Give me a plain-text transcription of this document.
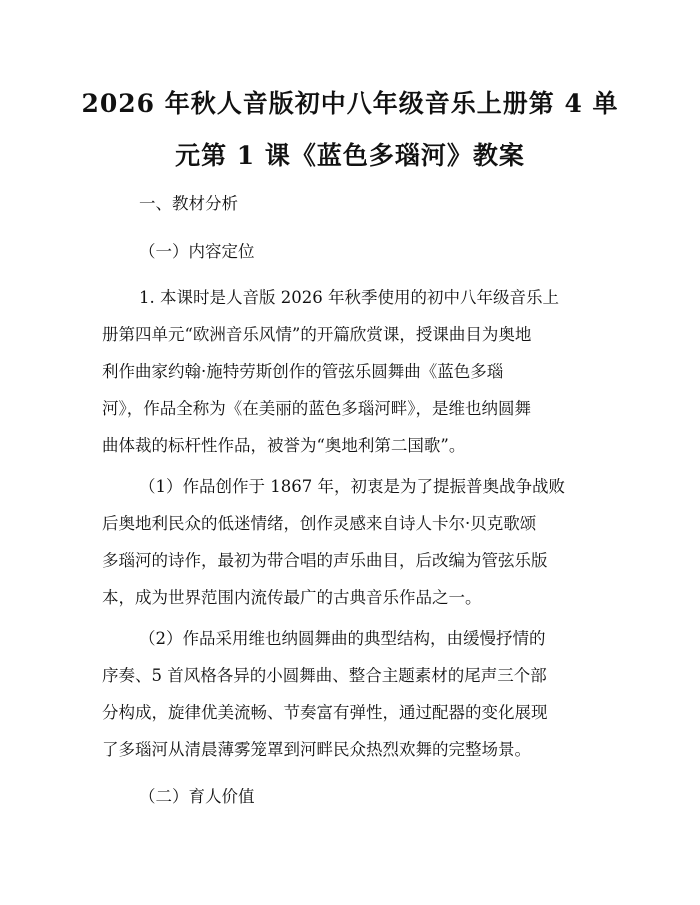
2026 年秋人音版初中八年级音乐上册第 4 单
元第 1 课《蓝色多瑙河》教案
一、教材分析
（一）内容定位
1. 本课时是人音版 2026 年秋季使用的初中八年级音乐上
册第四单元“欧洲音乐风情”的开篇欣赏课，授课曲目为奥地
利作曲家约翰·施特劳斯创作的管弦乐圆舞曲《蓝色多瑙
河》，作品全称为《在美丽的蓝色多瑙河畔》，是维也纳圆舞
曲体裁的标杆性作品，被誉为“奥地利第二国歌”。
（1）作品创作于 1867 年，初衷是为了提振普奥战争战败
后奥地利民众的低迷情绪，创作灵感来自诗人卡尔·贝克歌颂
多瑙河的诗作，最初为带合唱的声乐曲目，后改编为管弦乐版
本，成为世界范围内流传最广的古典音乐作品之一。
（2）作品采用维也纳圆舞曲的典型结构，由缓慢抒情的
序奏、5 首风格各异的小圆舞曲、整合主题素材的尾声三个部
分构成，旋律优美流畅、节奏富有弹性，通过配器的变化展现
了多瑙河从清晨薄雾笼罩到河畔民众热烈欢舞的完整场景。
（二）育人价值
